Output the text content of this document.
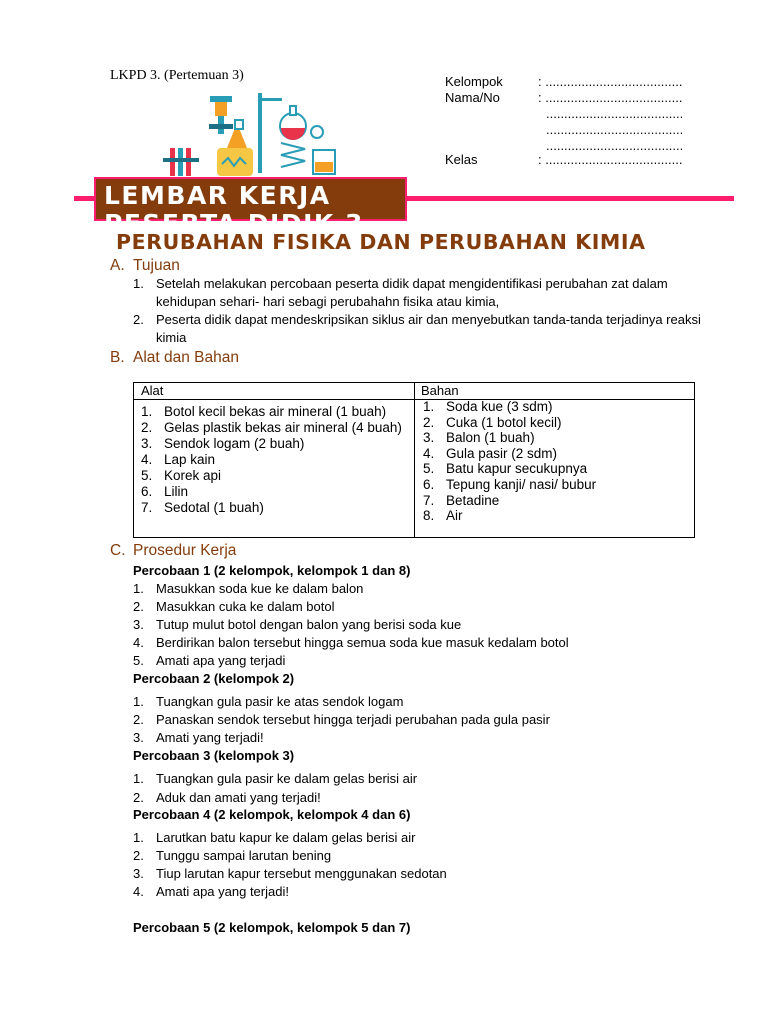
LKPD 3. (Pertemuan 3)	Kelompok	: ......................................
Nama/No	: ......................................
......................................
......................................
......................................
Kelas	: ......................................
LEMBAR KERJA
PESERTA DIDIK 3
PERUBAHAN FISIKA DAN PERUBAHAN KIMIA
A. Tujuan
1. Setelah melakukan percobaan peserta didik dapat mengidentifikasi perubahan zat dalam
kehidupan sehari- hari sebagi perubahahn fisika atau kimia,
2. Peserta didik dapat mendeskripsikan siklus air dan menyebutkan tanda-tanda terjadinya reaksi
kimia
B. Alat dan Bahan
Alat	Bahan
1. Botol kecil bekas air mineral (1 buah)
2. Gelas plastik bekas air mineral (4 buah)
3. Sendok logam (2 buah)
4. Lap kain
5. Korek api
6. Lilin
7. Sedotal (1 buah)
1. Soda kue (3 sdm)
2. Cuka (1 botol kecil)
3. Balon (1 buah)
4. Gula pasir (2 sdm)
5. Batu kapur secukupnya
6. Tepung kanji/ nasi/ bubur
7. Betadine
8. Air
C. Prosedur Kerja
Percobaan 1 (2 kelompok, kelompok 1 dan 8)
1. Masukkan soda kue ke dalam balon
2. Masukkan cuka ke dalam botol
3. Tutup mulut botol dengan balon yang berisi soda kue
4. Berdirikan balon tersebut hingga semua soda kue masuk kedalam botol
5. Amati apa yang terjadi
Percobaan 2 (kelompok 2)
1. Tuangkan gula pasir ke atas sendok logam
2. Panaskan sendok tersebut hingga terjadi perubahan pada gula pasir
3. Amati yang terjadi!
Percobaan 3 (kelompok 3)
1. Tuangkan gula pasir ke dalam gelas berisi air
2. Aduk dan amati yang terjadi!
Percobaan 4 (2 kelompok, kelompok 4 dan 6)
1. Larutkan batu kapur ke dalam gelas berisi air
2. Tunggu sampai larutan bening
3. Tiup larutan kapur tersebut menggunakan sedotan
4. Amati apa yang terjadi!
Percobaan 5 (2 kelompok, kelompok 5 dan 7)
